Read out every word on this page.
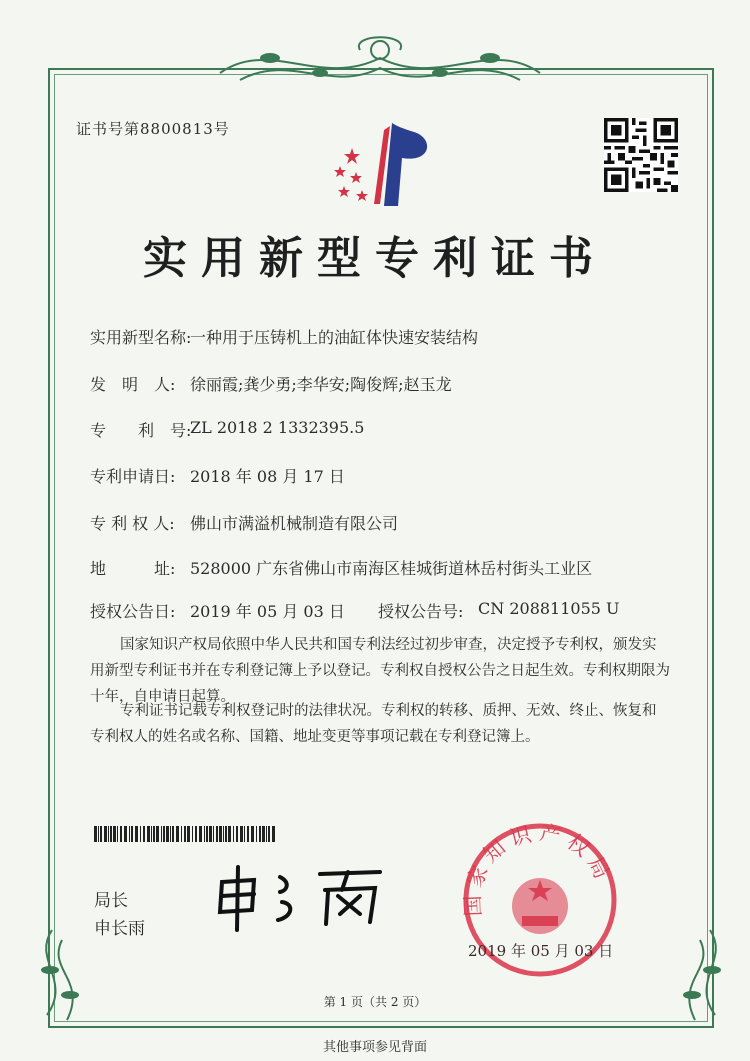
证书号第8800813号
实用新型专利证书
实用新型名称:
一种用于压铸机上的油缸体快速安装结构
发　明　人: 徐丽霞;龚少勇;李华安;陶俊辉;赵玉龙
专　　利　号:
ZL 2018 2 1332395.5
专利申请日: 2018 年 08 月 17 日
专 利 权 人: 佛山市满溢机械制造有限公司
地　　　址: 528000 广东省佛山市南海区桂城街道林岳村街头工业区
授权公告日: 2019 年 05 月 03 日 授权公告号: CN 208811055 U
国家知识产权局依照中华人民共和国专利法经过初步审查，决定授予专利权，颁发实用新型专利证书并在专利登记簿上予以登记。专利权自授权公告之日起生效。专利权期限为十年，自申请日起算。
专利证书记载专利权登记时的法律状况。专利权的转移、质押、无效、终止、恢复和专利权人的姓名或名称、国籍、地址变更等事项记载在专利登记簿上。
局长
申长雨
国家知识产权局
2019 年 05 月 03 日
第 1 页（共 2 页）
其他事项参见背面
